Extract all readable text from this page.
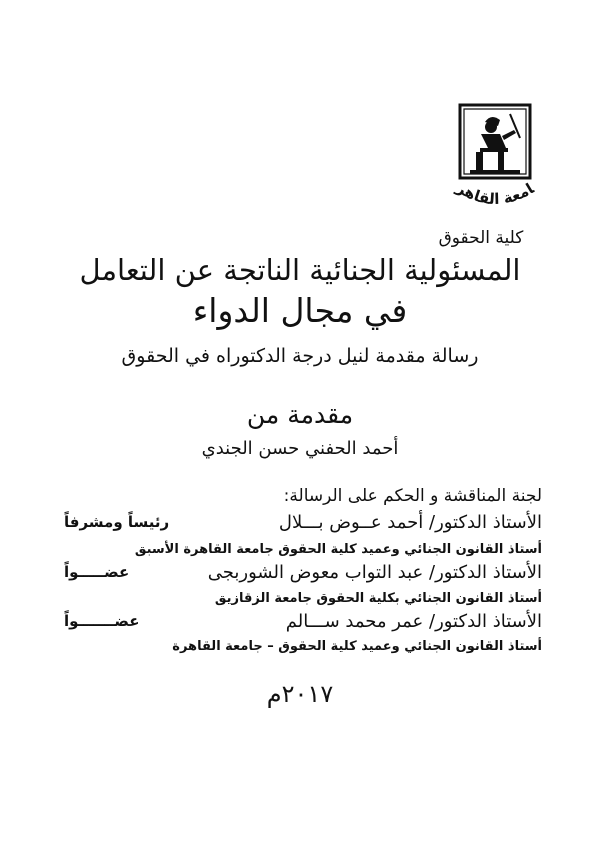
امعة القاهر
كلية الحقوق
المسئولية الجنائية الناتجة عن التعامل
في مجال الدواء
رسالة مقدمة لنيل درجة الدكتوراه في الحقوق
مقدمة من
أحمد الحفني حسن الجندي
لجنة المناقشة و الحكم على الرسالة:
الأستاذ الدكتور/ أحمد عــوض بـــلال
رئيساً ومشرفاً
أستاذ القانون الجنائي وعميد كلية الحقوق جامعة القاهرة الأسبق
الأستاذ الدكتور/ عبد التواب معوض الشوربجى
عضـــــواً
أستاذ القانون الجنائي بكلية الحقوق جامعة الزقازيق
الأستاذ الدكتور/ عمر محمد ســـالم
عضـــــــواً
أستاذ القانون الجنائي وعميد كلية الحقوق – جامعة القاهرة
٢٠١٧م
